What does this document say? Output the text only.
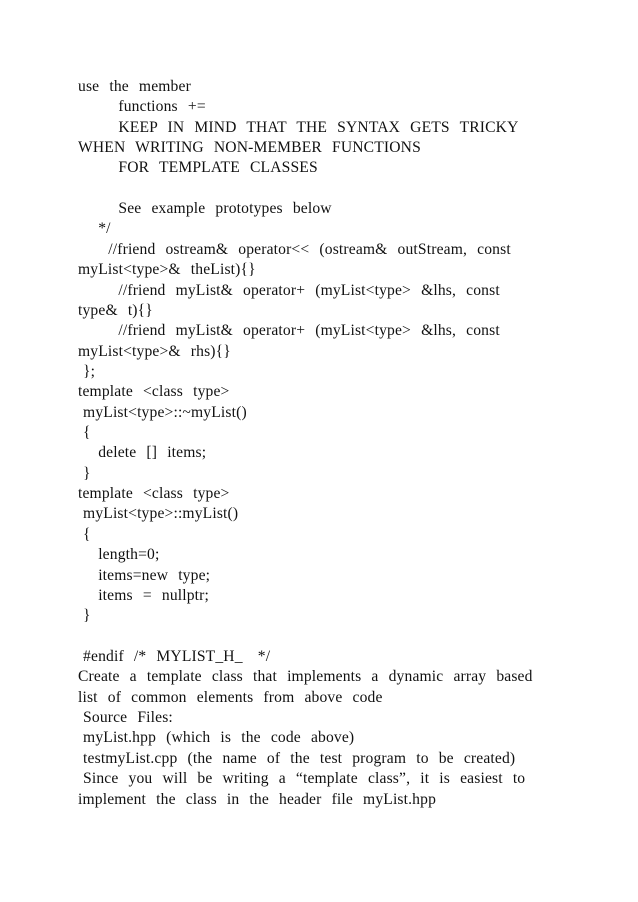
use  the  member
functions  +=
KEEP  IN  MIND  THAT  THE  SYNTAX  GETS  TRICKY
WHEN  WRITING  NON-MEMBER  FUNCTIONS
FOR  TEMPLATE  CLASSES
See  example  prototypes  below
*/
//friend  ostream&  operator<<  (ostream&  outStream,  const
myList<type>&  theList){}
//friend  myList&  operator+  (myList<type>  &lhs,  const
type&  t){}
//friend  myList&  operator+  (myList<type>  &lhs,  const
myList<type>&  rhs){}
};
template  <class  type>
myList<type>::~myList()
{
delete  []  items;
}
template  <class  type>
myList<type>::myList()
{
length=0;
items=new  type;
items  =  nullptr;
}
#endif  /*  MYLIST_H_   */
Create  a  template  class  that  implements  a  dynamic  array  based
list  of  common  elements  from  above  code
Source  Files:
myList.hpp  (which  is  the  code  above)
testmyList.cpp  (the  name  of  the  test  program  to  be  created)
Since  you  will  be  writing  a  “template  class”,  it  is  easiest  to
implement  the  class  in  the  header  file  myList.hpp
